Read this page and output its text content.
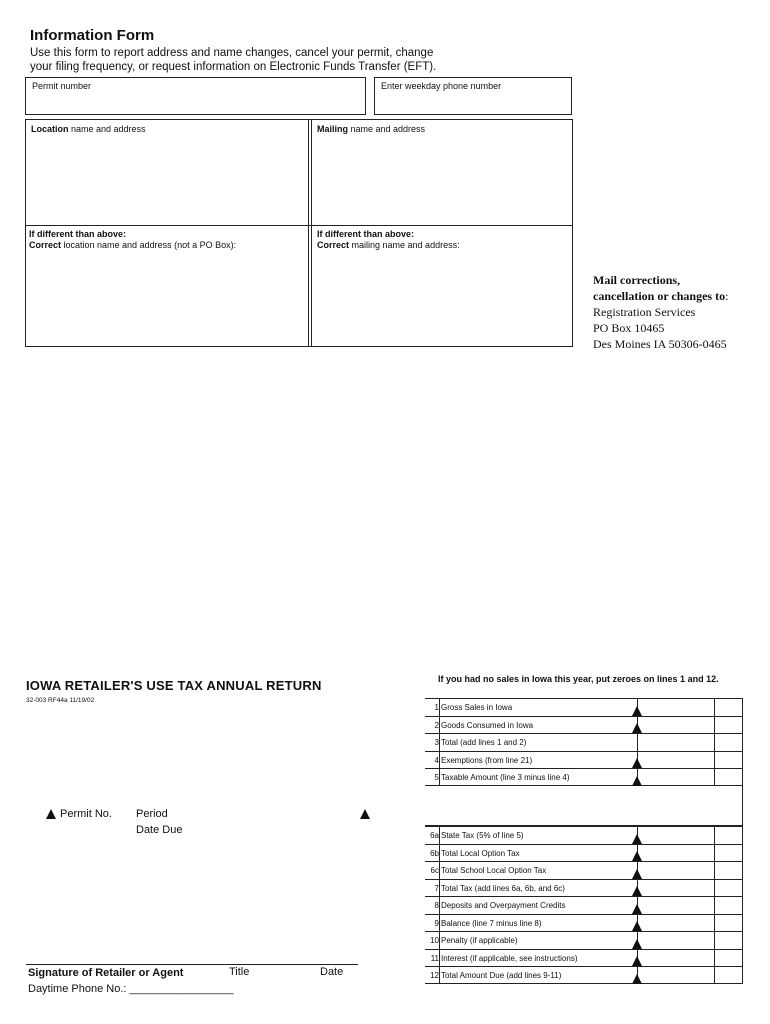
Information Form
Use this form to report address and name changes, cancel your permit, change
your filing frequency, or request information on Electronic Funds Transfer (EFT).
Permit number	Enter weekday phone number
Location name and address	Mailing name and address
If different than above:
Correct location name and address (not a PO Box):
If different than above:
Correct mailing name and address:
Mail corrections,
cancellation or changes to:
Registration Services
PO Box 10465
Des Moines IA 50306-0465
IOWA RETAILER'S USE TAX ANNUAL RETURN
32-003 RF44a 11/19/02
If you had no sales in Iowa this year, put zeroes on lines 1 and 12.
1 Gross Sales in Iowa
2 Goods Consumed in Iowa
3 Total (add lines 1 and 2)
4 Exemptions (from line 21)
5 Taxable Amount (line 3 minus line 4)
6a State Tax (5% of line 5)
6b Total Local Option Tax
6c Total School Local Option Tax
7 Total Tax (add lines 6a, 6b, and 6c)
8 Deposits and Overpayment Credits
9 Balance (line 7 minus line 8)
10 Penalty (if applicable)
11 Interest (if applicable, see instructions)
12 Total Amount Due (add lines 9-11)
Permit No. Period
Date Due
Signature of Retailer or Agent	Title	Date
Daytime Phone No.: _________________
